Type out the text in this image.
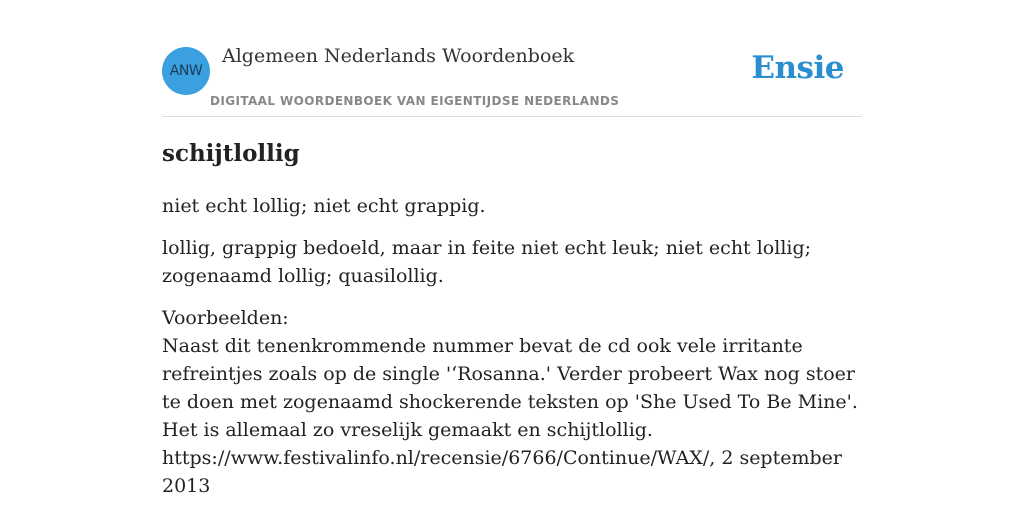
ANW
Algemeen Nederlands Woordenboek
DIGITAAL WOORDENBOEK VAN EIGENTIJDSE NEDERLANDS
Ensie
schijtlollig

niet echt lollig; niet echt grappig.

lollig, grappig bedoeld, maar in feite niet echt leuk; niet echt lollig; zogenaamd lollig; quasilollig.

Voorbeelden:
Naast dit tenenkrommende nummer bevat de cd ook vele irritante refreintjes zoals op de single '‘Rosanna.' Verder probeert Wax nog stoer te doen met zogenaamd shockerende teksten op 'She Used To Be Mine'. Het is allemaal zo vreselijk gemaakt en schijtlollig.
https://www.festivalinfo.nl/recensie/6766/Continue/WAX/, 2 september 2013
